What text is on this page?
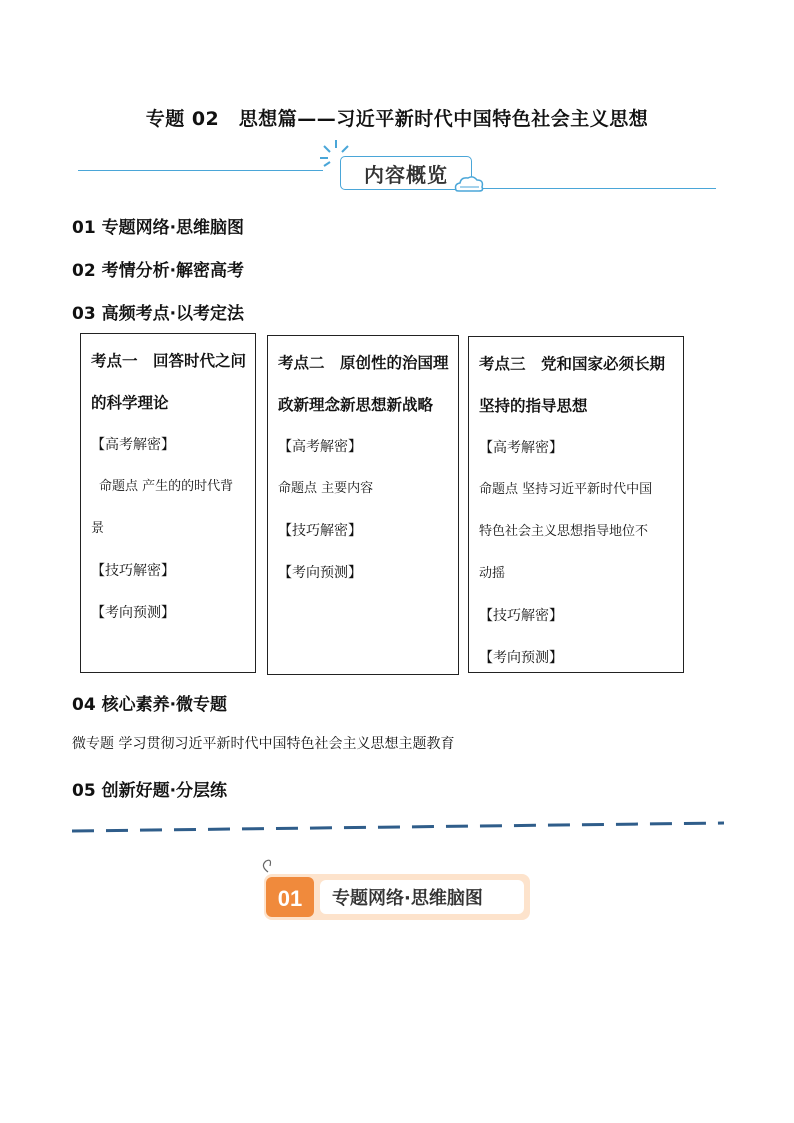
专题 02　思想篇——习近平新时代中国特色社会主义思想
内容概览
01 专题网络·思维脑图
02 考情分析·解密高考
03 高频考点·以考定法
考点一　回答时代之问
的科学理论
【高考解密】
命题点 产生的的时代背
景
【技巧解密】
【考向预测】
考点二　原创性的治国理
政新理念新思想新战略
【高考解密】
命题点 主要内容
【技巧解密】
【考向预测】
考点三　党和国家必须长期
坚持的指导思想
【高考解密】
命题点 坚持习近平新时代中国
特色社会主义思想指导地位不
动摇
【技巧解密】
【考向预测】
04 核心素养·微专题
微专题 学习贯彻习近平新时代中国特色社会主义思想主题教育
05 创新好题·分层练
01 专题网络·思维脑图
